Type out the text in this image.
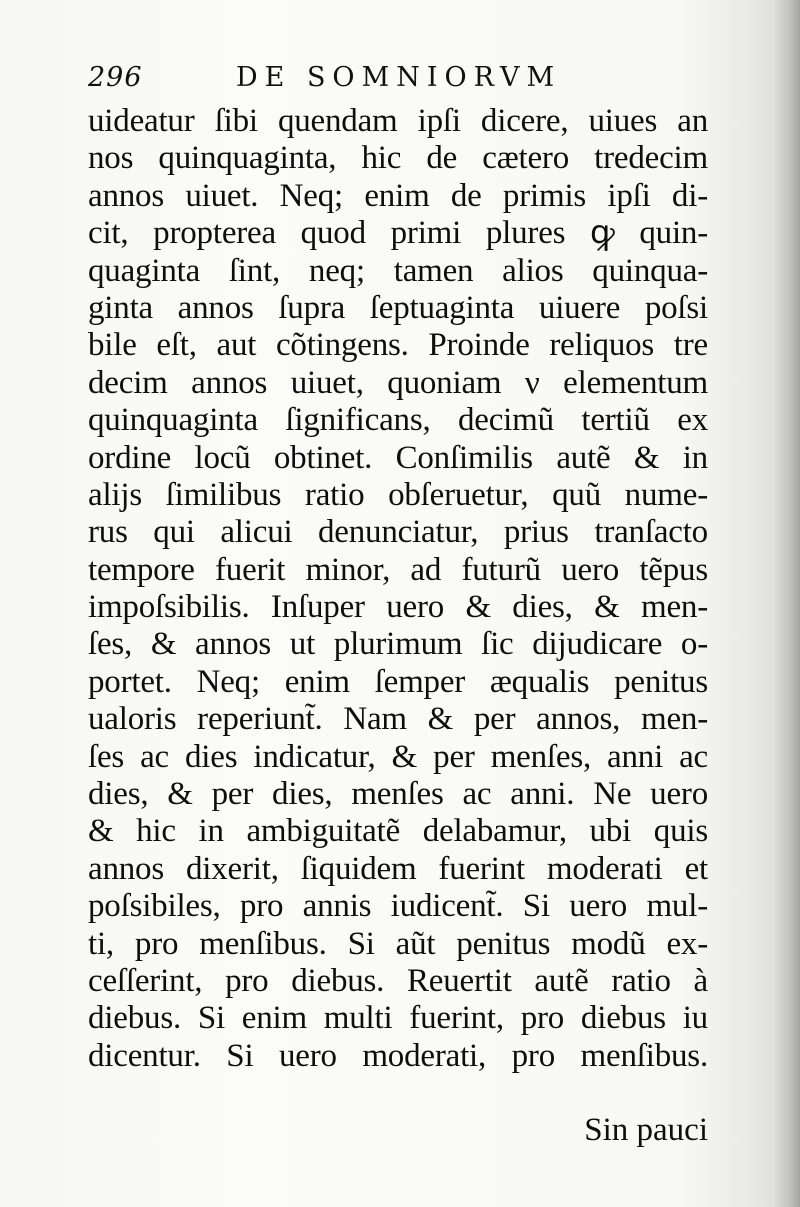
296	DE SOMNIORVM
uideatur ſibi quendam ipſi dicere, uiues an
nos quinquaginta, hic de cætero tredecim
annos uiuet. Neq; enim de primis ipſi di-
cit, propterea quod primi plures ꝙ quin-
quaginta ſint, neq; tamen alios quinqua-
ginta annos ſupra ſeptuaginta uiuere poſsi
bile eſt, aut cõtingens. Proinde reliquos tre
decim annos uiuet, quoniam ν elementum
quinquaginta ſignificans, decimũ tertiũ ex
ordine locũ obtinet. Conſimilis autẽ & in
alijs ſimilibus ratio obſeruetur, quũ nume-
rus qui alicui denunciatur, prius tranſacto
tempore fuerit minor, ad futurũ uero tẽpus
impoſsibilis. Inſuper uero & dies, & men-
ſes, & annos ut plurimum ſic dijudicare o-
portet. Neq; enim ſemper æqualis penitus
ualoris reperiunt̃. Nam & per annos, men-
ſes ac dies indicatur, & per menſes, anni ac
dies, & per dies, menſes ac anni. Ne uero
& hic in ambiguitatẽ delabamur, ubi quis
annos dixerit, ſiquidem fuerint moderati et
poſsibiles, pro annis iudicent̃. Si uero mul-
ti, pro menſibus. Si aũt penitus modũ ex-
ceſſerint, pro diebus. Reuertit autẽ ratio à
diebus. Si enim multi fuerint, pro diebus iu
dicentur. Si uero moderati, pro menſibus.
Sin pauci
